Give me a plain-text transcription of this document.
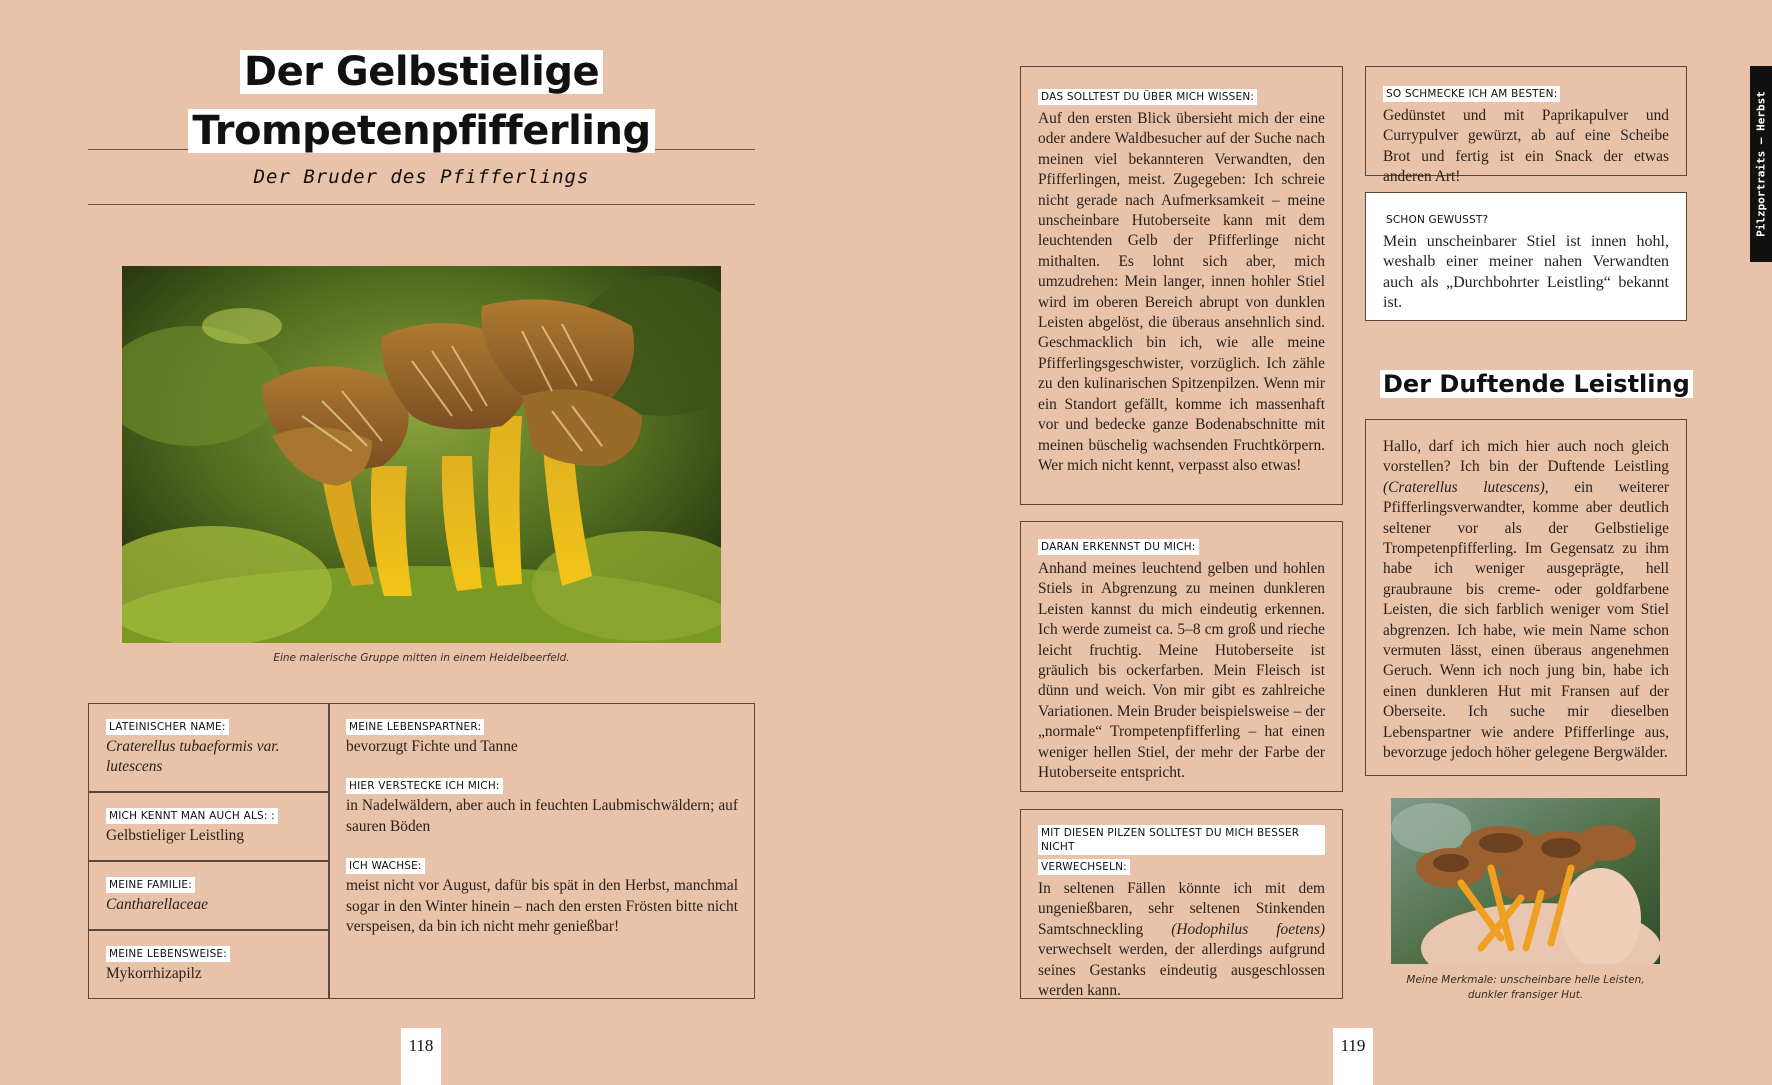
Der Gelbstielige
Trompetenpfifferling
Der Bruder des Pfifferlings
Eine malerische Gruppe mitten in einem Heidelbeerfeld.
LATEINISCHER NAME:
Craterellus tubaeformis var. lutescens
MICH KENNT MAN AUCH ALS: :
Gelbstieliger Leistling
MEINE FAMILIE:
Cantharellaceae
MEINE LEBENSWEISE:
Mykorrhizapilz
MEINE LEBENSPARTNER:
bevorzugt Fichte und Tanne
HIER VERSTECKE ICH MICH:
in Nadelwäldern, aber auch in feuchten Laubmischwäldern; auf sauren Böden
ICH WACHSE:
meist nicht vor August, dafür bis spät in den Herbst, manchmal sogar in den Winter hinein – nach den ersten Frösten bitte nicht verspeisen, da bin ich nicht mehr genießbar!
118
Pilzportraits – Herbst
DAS SOLLTEST DU ÜBER MICH WISSEN:
Auf den ersten Blick übersieht mich der eine oder andere Waldbesucher auf der Suche nach meinen viel bekannteren Verwandten, den Pfifferlingen, meist. Zugegeben: Ich schreie nicht gerade nach Aufmerksamkeit – meine unscheinbare Hutoberseite kann mit dem leuchtenden Gelb der Pfifferlinge nicht mithalten. Es lohnt sich aber, mich umzudrehen: Mein langer, innen hohler Stiel wird im oberen Bereich abrupt von dunklen Leisten abgelöst, die überaus ansehnlich sind. Geschmacklich bin ich, wie alle meine Pfifferlingsgeschwister, vorzüglich. Ich zähle zu den kulinarischen Spitzenpilzen. Wenn mir ein Standort gefällt, komme ich massenhaft vor und bedecke ganze Bodenabschnitte mit meinen büschelig wachsenden Fruchtkörpern. Wer mich nicht kennt, verpasst also etwas!
DARAN ERKENNST DU MICH:
Anhand meines leuchtend gelben und hohlen Stiels in Abgrenzung zu meinen dunkleren Leisten kannst du mich eindeutig erkennen. Ich werde zumeist ca. 5–8 cm groß und rieche leicht fruchtig. Meine Hutoberseite ist gräulich bis ockerfarben. Mein Fleisch ist dünn und weich. Von mir gibt es zahlreiche Variationen. Mein Bruder beispielsweise – der „normale“ Trompetenpfifferling – hat einen weniger hellen Stiel, der mehr der Farbe der Hutoberseite entspricht.
MIT DIESEN PILZEN SOLLTEST DU MICH BESSER NICHT
VERWECHSELN:
In seltenen Fällen könnte ich mit dem ungenießbaren, sehr seltenen Stinkenden Samtschneckling (Hodophilus foetens) verwechselt werden, der allerdings aufgrund seines Gestanks eindeutig ausgeschlossen werden kann.
SO SCHMECKE ICH AM BESTEN:
Gedünstet und mit Paprikapulver und Currypulver gewürzt, ab auf eine Scheibe Brot und fertig ist ein Snack der etwas anderen Art!
SCHON GEWUSST?
Mein unscheinbarer Stiel ist innen hohl, weshalb einer meiner nahen Verwandten auch als „Durchbohrter Leistling“ bekannt ist.
Der Duftende Leistling
Hallo, darf ich mich hier auch noch gleich vorstellen? Ich bin der Duftende Leistling (Craterellus lutescens), ein weiterer Pfifferlingsverwandter, komme aber deutlich seltener vor als der Gelbstielige Trompetenpfifferling. Im Gegensatz zu ihm habe ich weniger ausgeprägte, hell graubraune bis creme- oder goldfarbene Leisten, die sich farblich weniger vom Stiel abgrenzen. Ich habe, wie mein Name schon vermuten lässt, einen überaus angenehmen Geruch. Wenn ich noch jung bin, habe ich einen dunkleren Hut mit Fransen auf der Oberseite. Ich suche mir dieselben Lebenspartner wie andere Pfifferlinge aus, bevorzuge jedoch höher gelegene Bergwälder.
Meine Merkmale: unscheinbare helle Leisten,
dunkler fransiger Hut.
119
